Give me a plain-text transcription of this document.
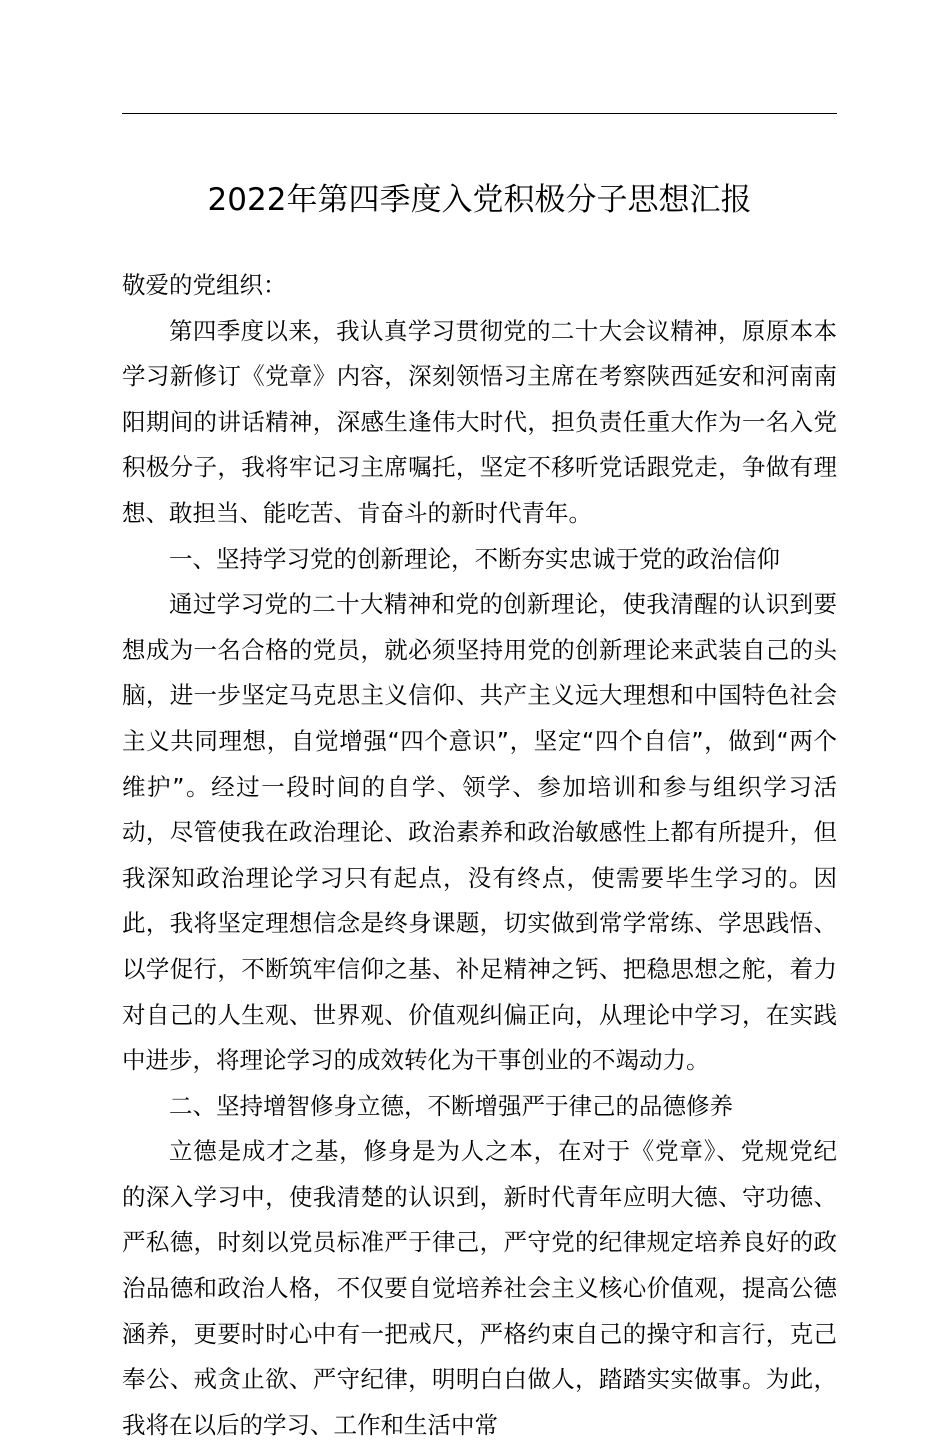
2022年第四季度入党积极分子思想汇报

敬爱的党组织：

第四季度以来，我认真学习贯彻党的二十大会议精神，原原本本学习新修订《党章》内容，深刻领悟习主席在考察陕西延安和河南南阳期间的讲话精神，深感生逢伟大时代，担负责任重大作为一名入党积极分子，我将牢记习主席嘱托，坚定不移听党话跟党走，争做有理想、敢担当、能吃苦、肯奋斗的新时代青年。

一、坚持学习党的创新理论，不断夯实忠诚于党的政治信仰

通过学习党的二十大精神和党的创新理论，使我清醒的认识到要想成为一名合格的党员，就必须坚持用党的创新理论来武装自己的头脑，进一步坚定马克思主义信仰、共产主义远大理想和中国特色社会主义共同理想，自觉增强“四个意识”，坚定“四个自信”，做到“两个维护”。经过一段时间的自学、领学、参加培训和参与组织学习活动，尽管使我在政治理论、政治素养和政治敏感性上都有所提升，但我深知政治理论学习只有起点，没有终点，使需要毕生学习的。因此，我将坚定理想信念是终身课题，切实做到常学常练、学思践悟、以学促行，不断筑牢信仰之基、补足精神之钙、把稳思想之舵，着力对自己的人生观、世界观、价值观纠偏正向，从理论中学习，在实践中进步，将理论学习的成效转化为干事创业的不竭动力。

二、坚持增智修身立德，不断增强严于律己的品德修养

立德是成才之基，修身是为人之本，在对于《党章》、党规党纪的深入学习中，使我清楚的认识到，新时代青年应明大德、守功德、严私德，时刻以党员标准严于律己，严守党的纪律规定培养良好的政治品德和政治人格，不仅要自觉培养社会主义核心价值观，提高公德涵养，更要时时心中有一把戒尺，严格约束自己的操守和言行，克己奉公、戒贪止欲、严守纪律，明明白白做人，踏踏实实做事。为此，我将在以后的学习、工作和生活中常
